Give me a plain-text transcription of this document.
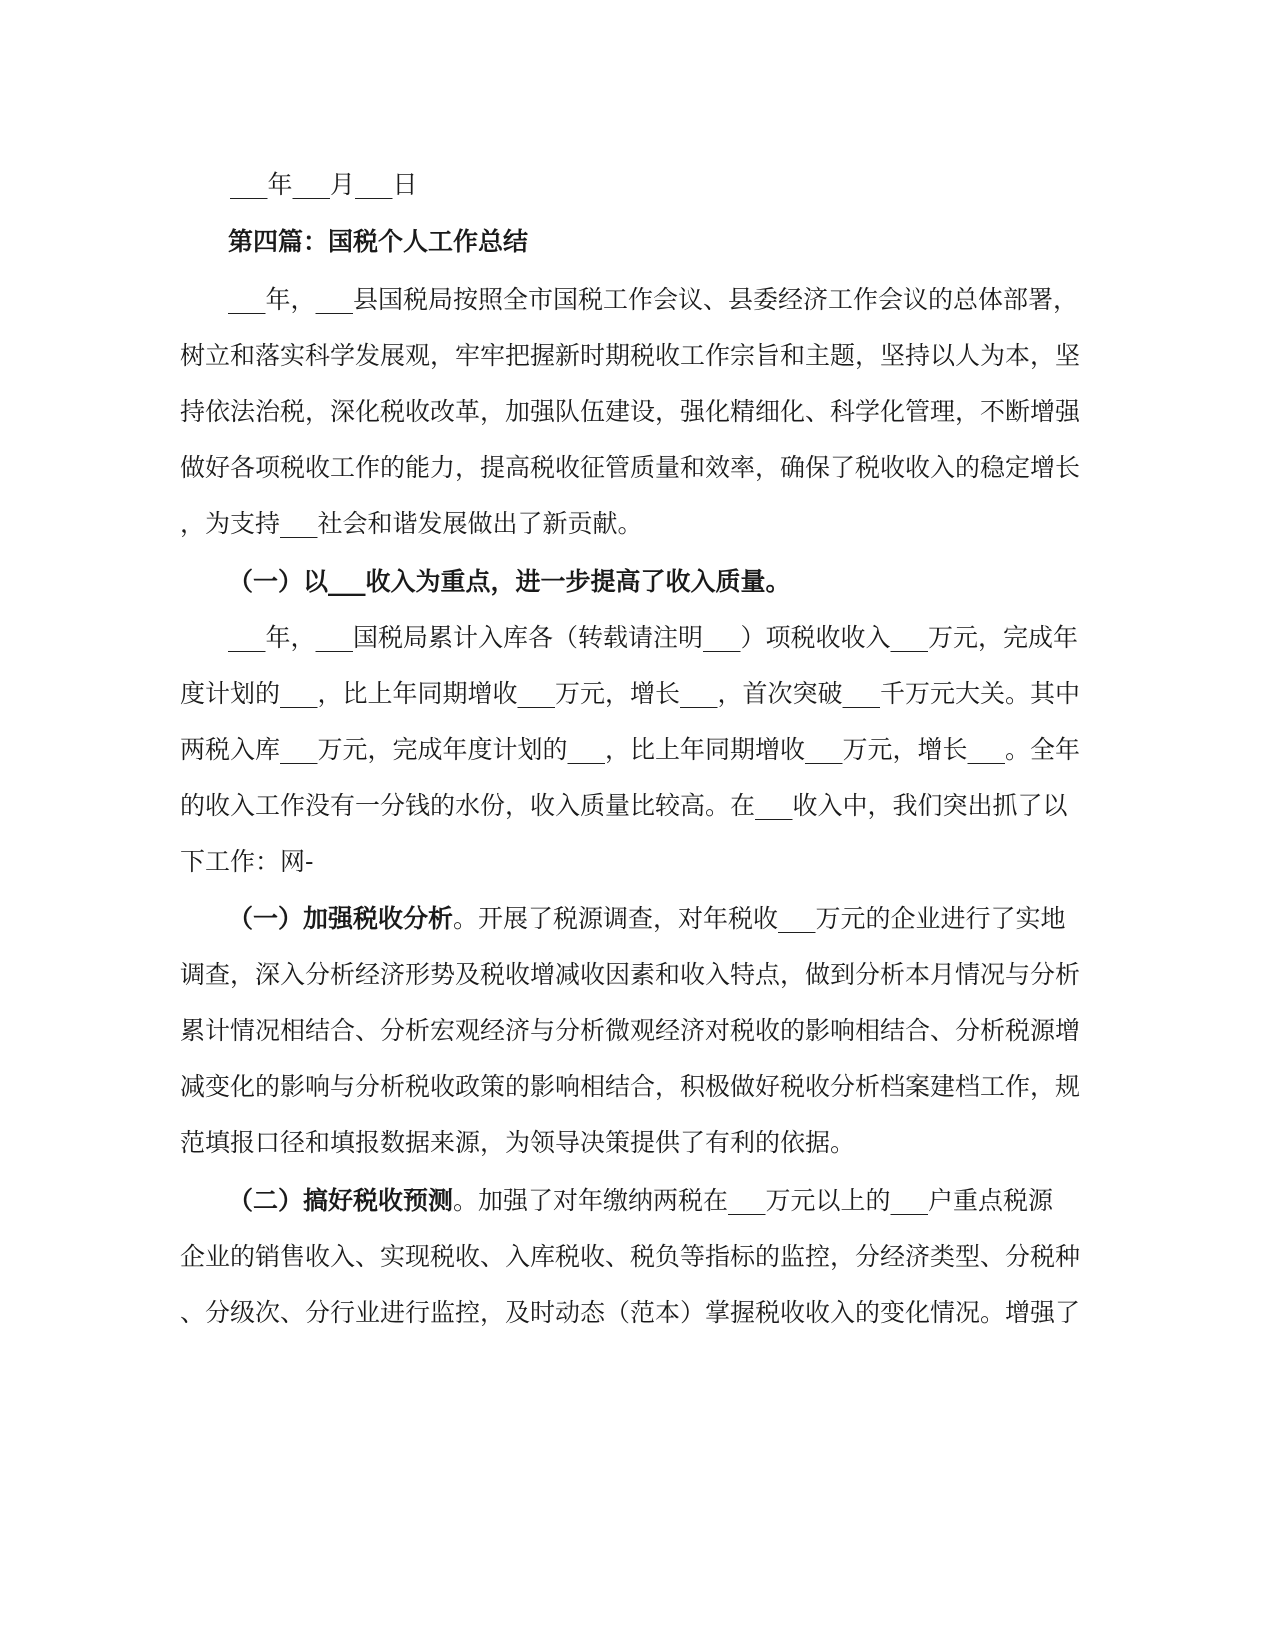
___年___月___日
第四篇：国税个人工作总结
___年，___县国税局按照全市国税工作会议、县委经济工作会议的总体部署，
树立和落实科学发展观，牢牢把握新时期税收工作宗旨和主题，坚持以人为本，坚
持依法治税，深化税收改革，加强队伍建设，强化精细化、科学化管理，不断增强
做好各项税收工作的能力，提高税收征管质量和效率，确保了税收收入的稳定增长
，为支持___社会和谐发展做出了新贡献。
（一）以___收入为重点，进一步提高了收入质量。
___年，___国税局累计入库各（转载请注明___）项税收收入___万元，完成年
度计划的___，比上年同期增收___万元，增长___，首次突破___千万元大关。其中
两税入库___万元，完成年度计划的___，比上年同期增收___万元，增长___。全年
的收入工作没有一分钱的水份，收入质量比较高。在___收入中，我们突出抓了以
下工作：网-
（一）加强税收分析。开展了税源调查，对年税收___万元的企业进行了实地
调查，深入分析经济形势及税收增减收因素和收入特点，做到分析本月情况与分析
累计情况相结合、分析宏观经济与分析微观经济对税收的影响相结合、分析税源增
减变化的影响与分析税收政策的影响相结合，积极做好税收分析档案建档工作，规
范填报口径和填报数据来源，为领导决策提供了有利的依据。
（二）搞好税收预测。加强了对年缴纳两税在___万元以上的___户重点税源
企业的销售收入、实现税收、入库税收、税负等指标的监控，分经济类型、分税种
、分级次、分行业进行监控，及时动态（范本）掌握税收收入的变化情况。增强了
